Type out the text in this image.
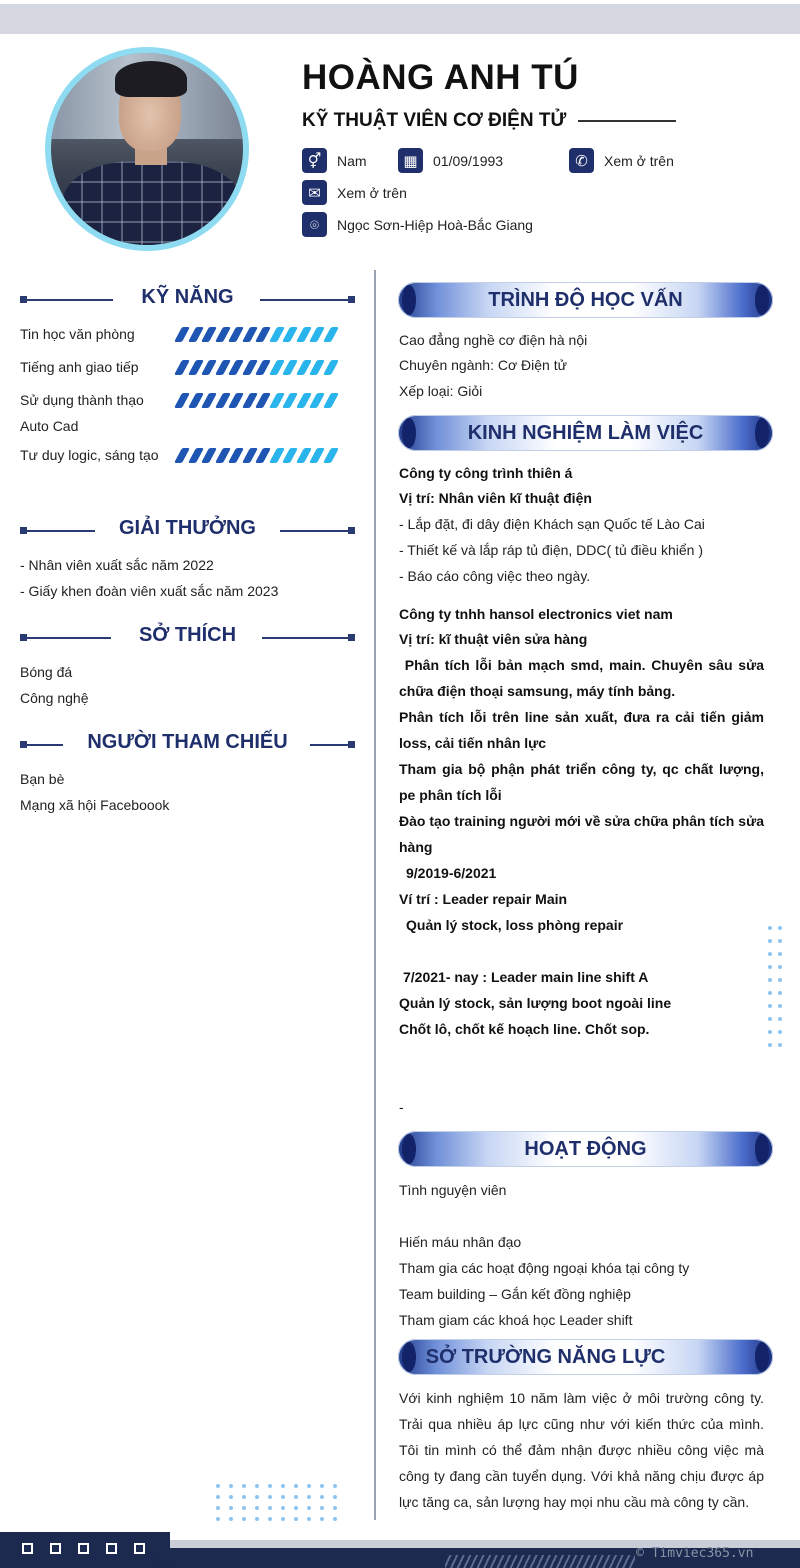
HOÀNG ANH TÚ
KỸ THUẬT VIÊN CƠ ĐIỆN TỬ
⚥	Nam	▦	01/09/1993	✆	Xem ở trên
✉	Xem ở trên
⌾	Ngọc Sơn-Hiệp Hoà-Bắc Giang
KỸ NĂNG
Tin học văn phòng
Tiếng anh giao tiếp
Sử dụng thành thạo Auto Cad
Tư duy logic, sáng tạo
GIẢI THƯỞNG
- Nhân viên xuất sắc năm 2022
- Giấy khen đoàn viên xuất sắc năm 2023
SỞ THÍCH
Bóng đá
Công nghệ
NGƯỜI THAM CHIẾU
Bạn bè
Mạng xã hội Faceboook
TRÌNH ĐỘ HỌC VẤN
Cao đẳng nghề cơ điện hà nội
Chuyên ngành: Cơ Điện tử
Xếp loại: Giỏi
KINH NGHIỆM LÀM VIỆC
Công ty công trình thiên á
Vị trí: Nhân viên kĩ thuật điện
- Lắp đặt, đi dây điện Khách sạn Quốc tế Lào Cai
- Thiết kế và lắp ráp tủ điện, DDC( tủ điều khiển )
- Báo cáo công việc theo ngày.
Công ty tnhh hansol electronics viet nam
Vị trí: kĩ thuật viên sửa hàng
Phân tích lỗi bản mạch smd, main. Chuyên sâu sửa chữa điện thoại samsung, máy tính bảng.
Phân tích lỗi trên line sản xuất, đưa ra cải tiến giảm loss, cải tiến nhân lực
Tham gia bộ phận phát triển công ty, qc chất lượng, pe phân tích lỗi
Đào tạo training người mới về sửa chữa phân tích sửa hàng
9/2019-6/2021
Ví trí : Leader repair Main
Quản lý stock, loss phòng repair
7/2021- nay : Leader main line shift A
Quản lý stock, sản lượng boot ngoài line
Chốt lô, chốt kế hoạch line. Chốt sop.
-
HOẠT ĐỘNG
Tình nguyện viên
Hiến máu nhân đạo
Tham gia các hoạt động ngoại khóa tại công ty
Team building – Gắn kết đồng nghiệp
Tham giam các khoá học Leader shift
SỞ TRƯỜNG NĂNG LỰC
Với kinh nghiệm 10 năm làm việc ở môi trường công ty. Trải qua nhiều áp lực cũng như với kiến thức của mình. Tôi tin mình có thể đảm nhận được nhiều công việc mà công ty đang cần tuyển dụng. Với khả năng chịu được áp lực tăng ca, sản lượng hay mọi nhu cầu mà công ty cần.
© Timviec365.vn
